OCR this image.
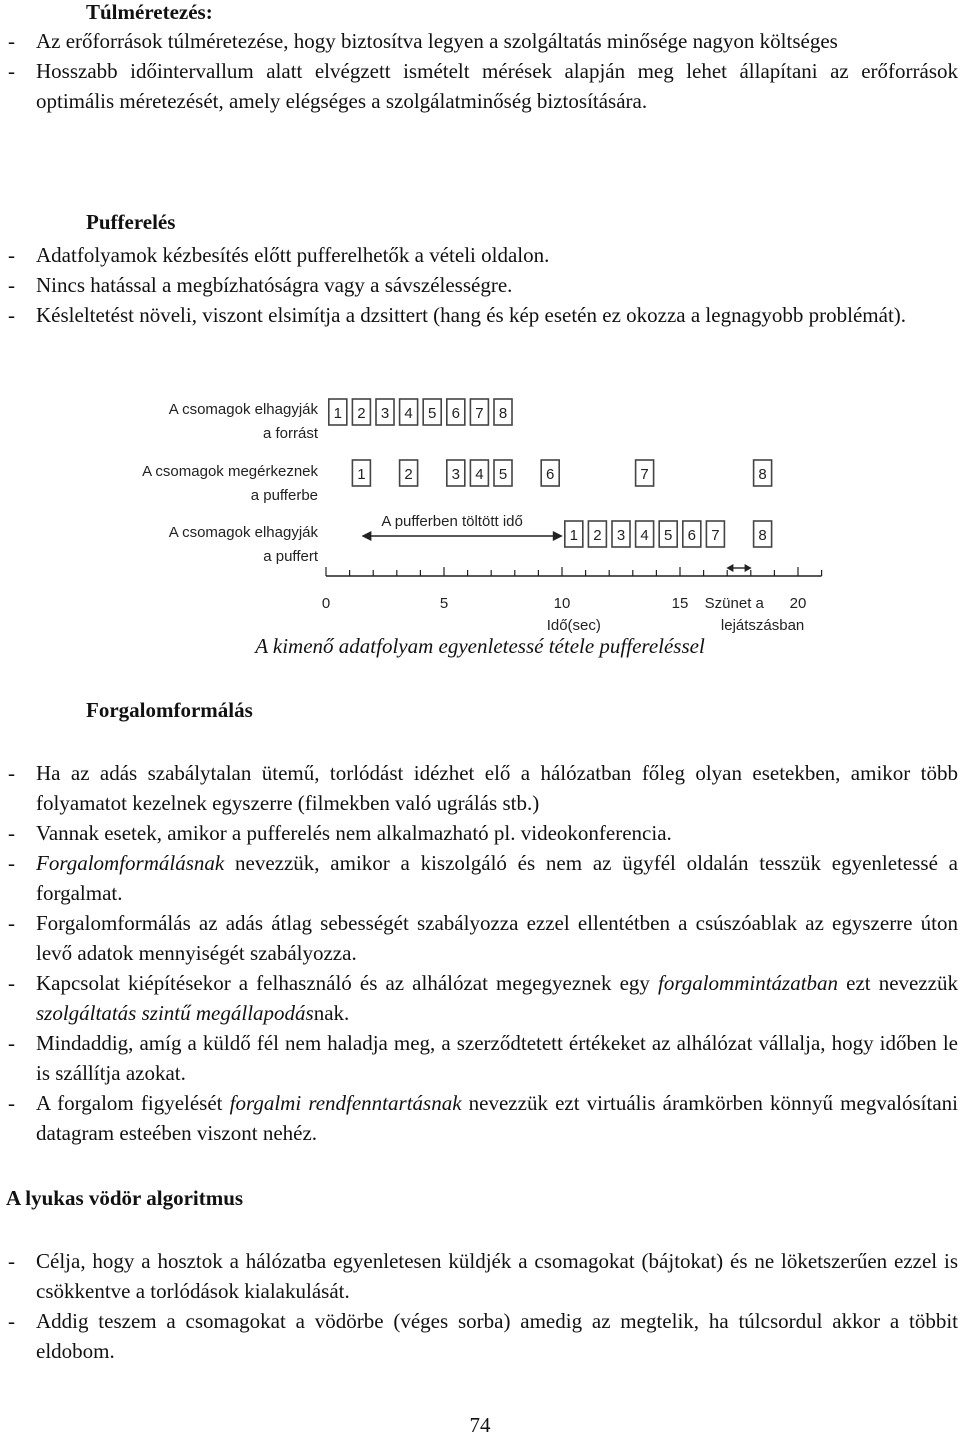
Túlméretezés:
- Az erőforrások túlméretezése, hogy biztosítva legyen a szolgáltatás minősége nagyon költséges
- Hosszabb időintervallum alatt elvégzett ismételt mérések alapján meg lehet állapítani az erőforrások optimális méretezését, amely elégséges a szolgálatminőség biztosítására.
Pufferelés
- Adatfolyamok kézbesítés előtt pufferelhetők a vételi oldalon.
- Nincs hatással a megbízhatóságra vagy a sávszélességre.
- Késleltetést növeli, viszont elsimítja a dzsittert (hang és kép esetén ez okozza a legnagyobb problémát).
A csomagok elhagyják
a forrást
A csomagok megérkeznek
a pufferbe
A csomagok elhagyják
a puffert
1 2 3 4 5 6 7 8
1	2	3 4 5	6	7	8
1 2 3 4 5 6 7	8
A pufferben töltött idő
0	5	10	15	20
Idő(sec)
Szünet a
lejátszásban

A kimenő adatfolyam egyenletessé tétele puffereléssel

Forgalomformálás
- Ha az adás szabálytalan ütemű, torlódást idézhet elő a hálózatban főleg olyan esetekben, amikor több folyamatot kezelnek egyszerre (filmekben való ugrálás stb.)
- Vannak esetek, amikor a pufferelés nem alkalmazható pl. videokonferencia.
- Forgalomformálásnak nevezzük, amikor a kiszolgáló és nem az ügyfél oldalán tesszük egyenletessé a forgalmat.
- Forgalomformálás az adás átlag sebességét szabályozza ezzel ellentétben a csúszóablak az egyszerre úton levő adatok mennyiségét szabályozza.
- Kapcsolat kiépítésekor a felhasználó és az alhálózat megegyeznek egy forgalommintázatban ezt nevezzük szolgáltatás szintű megállapodásnak.
- Mindaddig, amíg a küldő fél nem haladja meg, a szerződtetett értékeket az alhálózat vállalja, hogy időben le is szállítja azokat.
- A forgalom figyelését forgalmi rendfenntartásnak nevezzük ezt virtuális áramkörben könnyű megvalósítani datagram esteében viszont nehéz.
A lyukas vödör algoritmus
- Célja, hogy a hosztok a hálózatba egyenletesen küldjék a csomagokat (bájtokat) és ne löketszerűen ezzel is csökkentve a torlódások kialakulását.
- Addig teszem a csomagokat a vödörbe (véges sorba) amedig az megtelik, ha túlcsordul akkor a többit eldobom.

74
